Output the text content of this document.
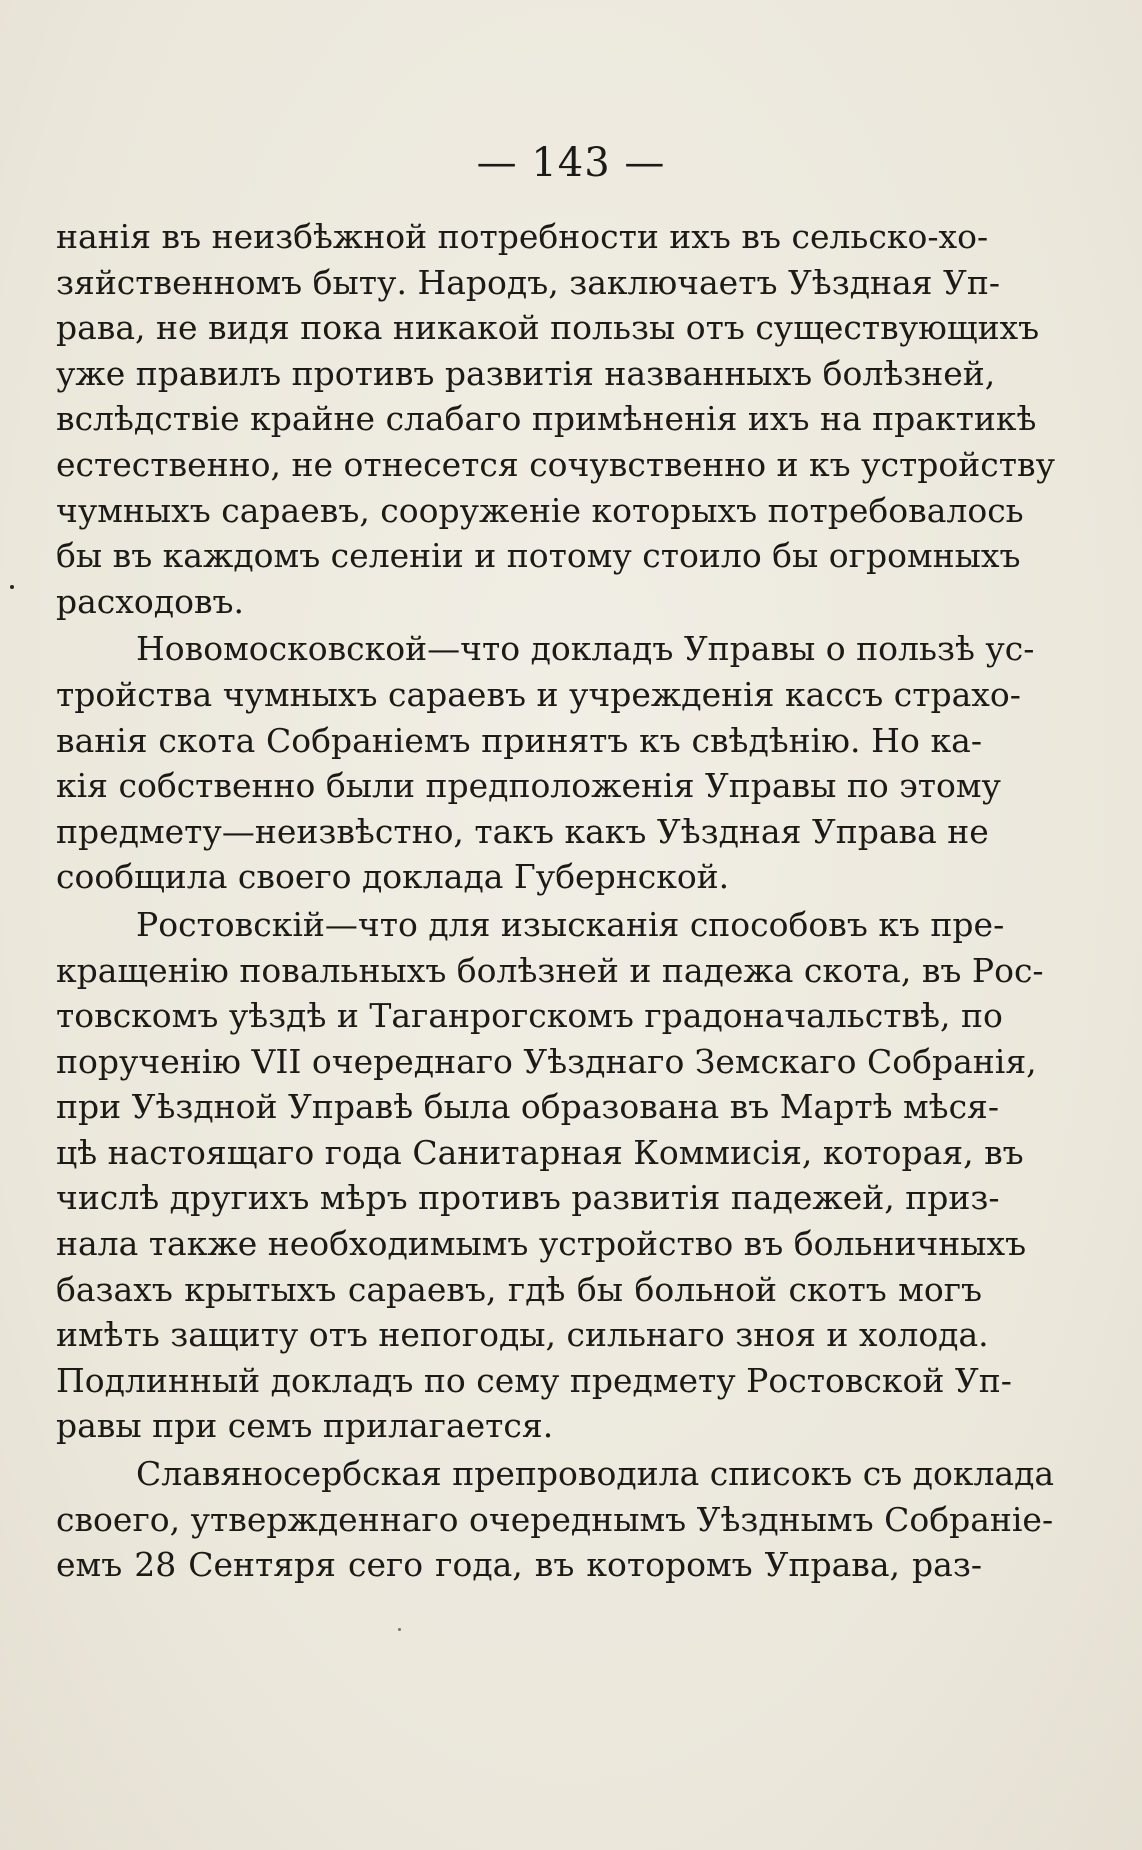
— 143 —
нанія въ неизбѣжной потребности ихъ въ сельско-хо-
зяйственномъ быту. Народъ, заключаетъ Уѣздная Уп-
рава, не видя пока никакой пользы отъ существующихъ
уже правилъ противъ развитія названныхъ болѣзней,
вслѣдствіе крайне слабаго примѣненія ихъ на практикѣ
естественно, не отнесется сочувственно и къ устройству
чумныхъ сараевъ, сооруженіе которыхъ потребовалось
бы въ каждомъ селеніи и потому стоило бы огромныхъ
расходовъ.
Новомосковской—что докладъ Управы о пользѣ ус-
тройства чумныхъ сараевъ и учрежденія кассъ страхо-
ванія скота Собраніемъ принятъ къ свѣдѣнію. Но ка-
кія собственно были предположенія Управы по этому
предмету—неизвѣстно, такъ какъ Уѣздная Управа не
сообщила своего доклада Губернской.
Ростовскій—что для изысканія способовъ къ пре-
кращенію повальныхъ болѣзней и падежа скота, въ Рос-
товскомъ уѣздѣ и Таганрогскомъ градоначальствѣ, по
порученію VII очереднаго Уѣзднаго Земскаго Собранія,
при Уѣздной Управѣ была образована въ Мартѣ мѣся-
цѣ настоящаго года Санитарная Коммисія, которая, въ
числѣ другихъ мѣръ противъ развитія падежей, приз-
нала также необходимымъ устройство въ больничныхъ
базахъ крытыхъ сараевъ, гдѣ бы больной скотъ могъ
имѣть защиту отъ непогоды, сильнаго зноя и холода.
Подлинный докладъ по сему предмету Ростовской Уп-
равы при семъ прилагается.
Славяносербская препроводила списокъ съ доклада
своего, утвержденнаго очереднымъ Уѣзднымъ Собраніе-
емъ 28 Сентяря сего года, въ которомъ Управа, раз-
